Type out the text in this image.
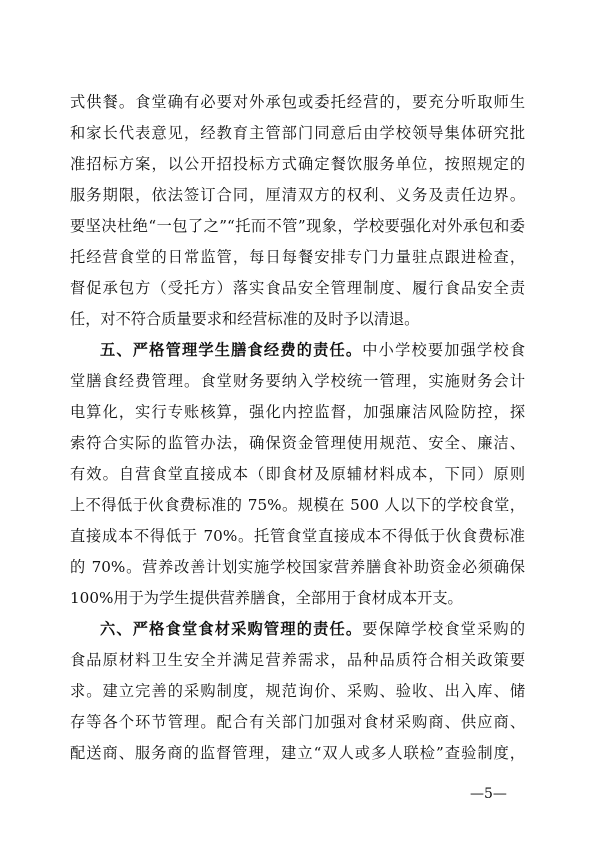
式供餐。食堂确有必要对外承包或委托经营的，要充分听取师生
和家长代表意见，经教育主管部门同意后由学校领导集体研究批
准招标方案，以公开招投标方式确定餐饮服务单位，按照规定的
服务期限，依法签订合同，厘清双方的权利、义务及责任边界。
要坚决杜绝“一包了之”“托而不管”现象，学校要强化对外承包和委
托经营食堂的日常监管，每日每餐安排专门力量驻点跟进检查，
督促承包方（受托方）落实食品安全管理制度、履行食品安全责
任，对不符合质量要求和经营标准的及时予以清退。
五、严格管理学生膳食经费的责任。中小学校要加强学校食
堂膳食经费管理。食堂财务要纳入学校统一管理，实施财务会计
电算化，实行专账核算，强化内控监督，加强廉洁风险防控，探
索符合实际的监管办法，确保资金管理使用规范、安全、廉洁、
有效。自营食堂直接成本（即食材及原辅材料成本，下同）原则
上不得低于伙食费标准的 75%。规模在 500 人以下的学校食堂，
直接成本不得低于 70%。托管食堂直接成本不得低于伙食费标准
的 70%。营养改善计划实施学校国家营养膳食补助资金必须确保
100%用于为学生提供营养膳食，全部用于食材成本开支。
六、严格食堂食材采购管理的责任。要保障学校食堂采购的
食品原材料卫生安全并满足营养需求，品种品质符合相关政策要
求。建立完善的采购制度，规范询价、采购、验收、出入库、储
存等各个环节管理。配合有关部门加强对食材采购商、供应商、
配送商、服务商的监督管理，建立“双人或多人联检”查验制度，
—5—
